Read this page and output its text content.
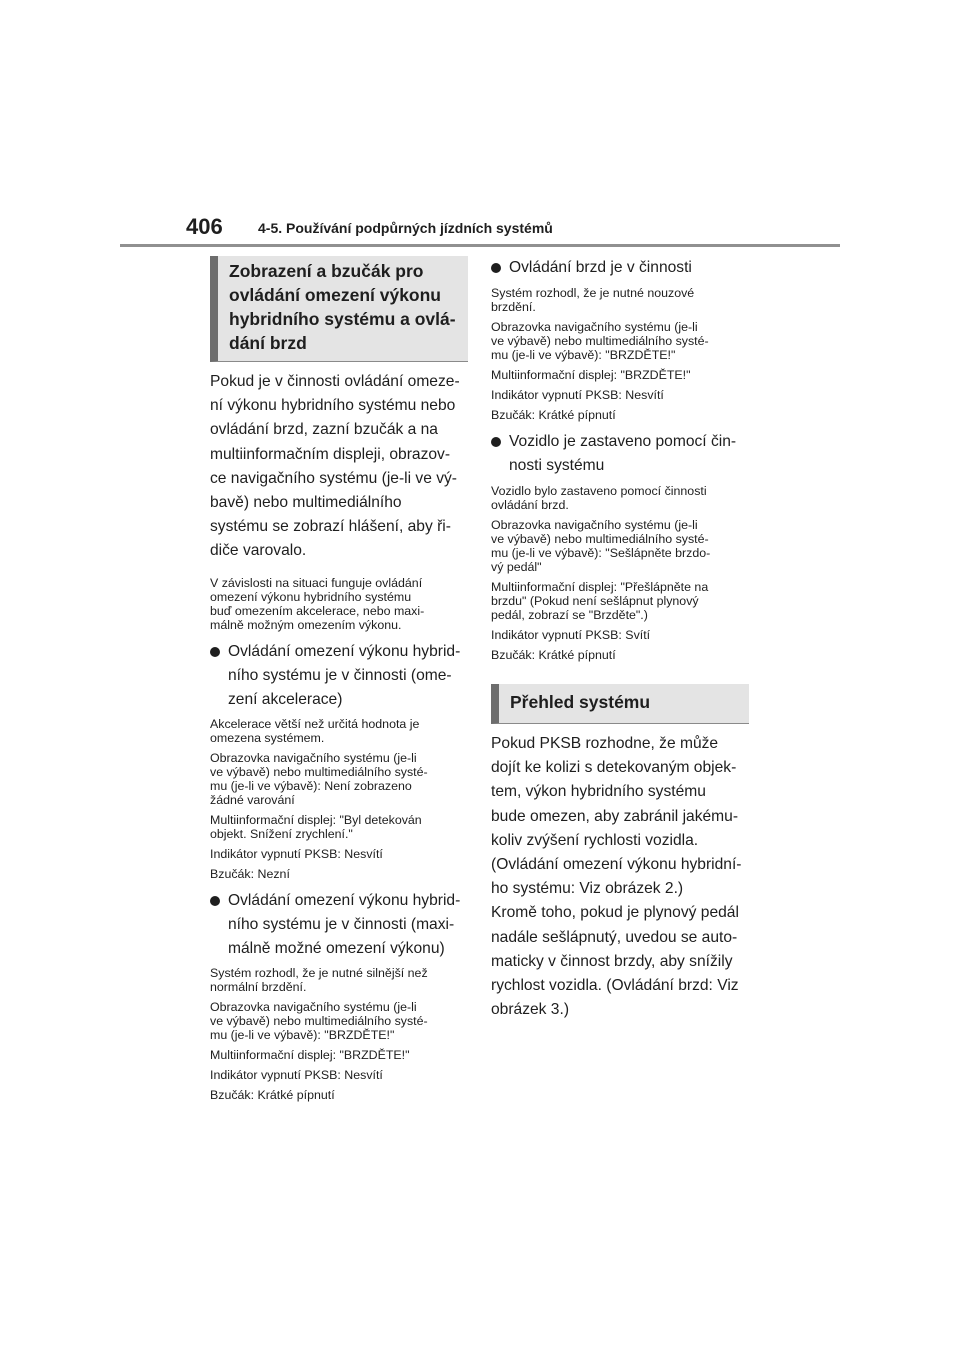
406	4-5. Používání podpůrných jízdních systémů
Zobrazení a bzučák pro
ovládání omezení výkonu
hybridního systému a ovlá-
dání brzd
Pokud je v činnosti ovládání omeze-
ní výkonu hybridního systému nebo
ovládání brzd, zazní bzučák a na
multiinformačním displeji, obrazov-
ce navigačního systému (je-li ve vý-
bavě) nebo multimediálního
systému se zobrazí hlášení, aby ři-
diče varovalo.
V závislosti na situaci funguje ovládání
omezení výkonu hybridního systému
buď omezením akcelerace, nebo maxi-
málně možným omezením výkonu.
Ovládání omezení výkonu hybrid-
ního systému je v činnosti (ome-
zení akcelerace)
Akcelerace větší než určitá hodnota je
omezena systémem.
Obrazovka navigačního systému (je-li
ve výbavě) nebo multimediálního systé-
mu (je-li ve výbavě): Není zobrazeno
žádné varování
Multiinformační displej: "Byl detekován
objekt. Snížení zrychlení."
Indikátor vypnutí PKSB: Nesvítí
Bzučák: Nezní
Ovládání omezení výkonu hybrid-
ního systému je v činnosti (maxi-
málně možné omezení výkonu)
Systém rozhodl, že je nutné silnější než
normální brzdění.
Obrazovka navigačního systému (je-li
ve výbavě) nebo multimediálního systé-
mu (je-li ve výbavě): "BRZDĚTE!"
Multiinformační displej: "BRZDĚTE!"
Indikátor vypnutí PKSB: Nesvítí
Bzučák: Krátké pípnutí
Ovládání brzd je v činnosti
Systém rozhodl, že je nutné nouzové
brzdění.
Obrazovka navigačního systému (je-li
ve výbavě) nebo multimediálního systé-
mu (je-li ve výbavě): "BRZDĚTE!"
Multiinformační displej: "BRZDĚTE!"
Indikátor vypnutí PKSB: Nesvítí
Bzučák: Krátké pípnutí
Vozidlo je zastaveno pomocí čin-
nosti systému
Vozidlo bylo zastaveno pomocí činnosti
ovládání brzd.
Obrazovka navigačního systému (je-li
ve výbavě) nebo multimediálního systé-
mu (je-li ve výbavě): "Sešlápněte brzdo-
vý pedál"
Multiinformační displej: "Přešlápněte na
brzdu" (Pokud není sešlápnut plynový
pedál, zobrazí se "Brzděte".)
Indikátor vypnutí PKSB: Svítí
Bzučák: Krátké pípnutí
Přehled systému
Pokud PKSB rozhodne, že může
dojít ke kolizi s detekovaným objek-
tem, výkon hybridního systému
bude omezen, aby zabránil jakému-
koliv zvýšení rychlosti vozidla.
(Ovládání omezení výkonu hybridní-
ho systému: Viz obrázek 2.)
Kromě toho, pokud je plynový pedál
nadále sešlápnutý, uvedou se auto-
maticky v činnost brzdy, aby snížily
rychlost vozidla. (Ovládání brzd: Viz
obrázek 3.)
